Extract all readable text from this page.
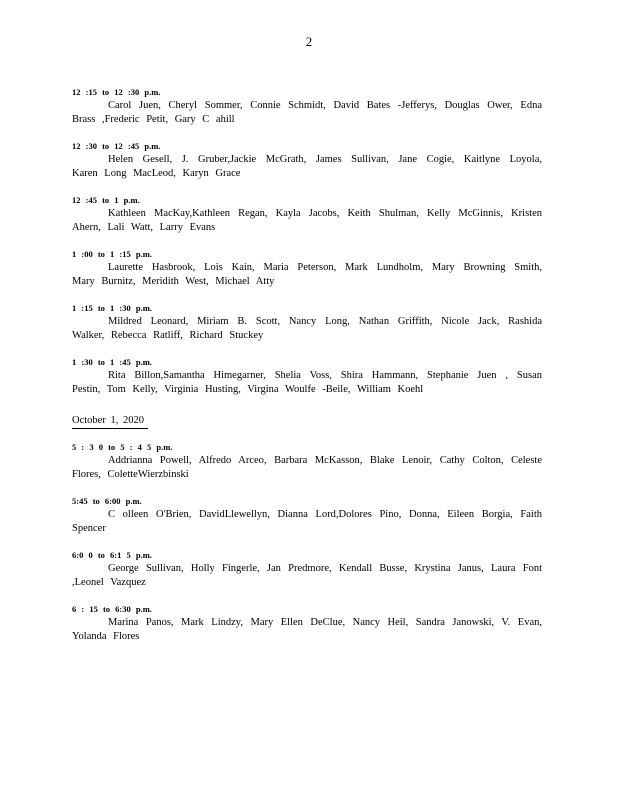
2
12 :15 to 12 :30 p.m.
Carol Juen, Cheryl Sommer, Connie Schmidt, David Bates -Jefferys, Douglas Ower, Edna Brass ,Frederic Petit, Gary C ahill
12 :30 to 12 :45 p.m.
Helen Gesell, J. Gruber,Jackie McGrath, James Sullivan, Jane Cogie, Kaitlyne Loyola, Karen Long MacLeod, Karyn Grace
12 :45 to 1 p.m.
Kathleen MacKay,Kathleen Regan, Kayla Jacobs, Keith Shulman, Kelly McGinnis, Kristen Ahern, Lali Watt, Larry Evans
1 :00 to 1 :15 p.m.
Laurette Hasbrook, Lois Kain, Maria Peterson, Mark Lundholm, Mary Browning Smith, Mary Burnitz, Meridith West, Michael Atty
1 :15 to 1 :30 p.m.
Mildred Leonard, Miriam B. Scott, Nancy Long, Nathan Griffith, Nicole Jack, Rashida Walker, Rebecca Ratliff, Richard Stuckey
1 :30 to 1 :45 p.m.
Rita Billon,Samantha Himegarner, Shelia Voss, Shira Hammann, Stephanie Juen , Susan Pestin, Tom Kelly, Virginia Husting, Virgina Woulfe -Beile, William Koehl
October 1, 2020
5 : 3 0 to 5 : 4 5 p.m.
Addrianna Powell, Alfredo Arceo, Barbara McKasson, Blake Lenoir, Cathy Colton, Celeste Flores, ColetteWierzbinski
5:45 to 6:00 p.m.
C olleen O'Brien, DavidLlewellyn, Dianna Lord,Dolores Pino, Donna, Eileen Borgia, Faith Spencer
6:0 0 to 6:1 5 p.m.
George Sullivan, Holly Fingerle, Jan Predmore, Kendall Busse, Krystina Janus, Laura Font ,Leonel Vazquez
6 : 15 to 6:30 p.m.
Marina Panos, Mark Lindzy, Mary Ellen DeClue, Nancy Heil, Sandra Janowski, V. Evan, Yolanda Flores
